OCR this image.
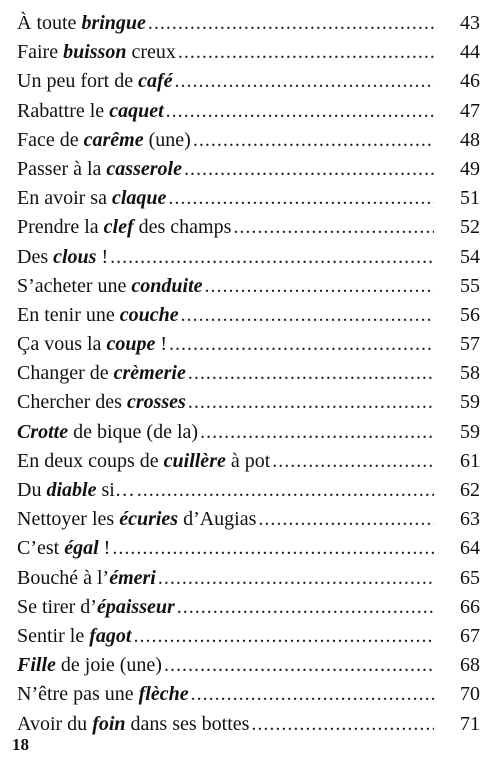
À toute bringue .....	43
Faire buisson creux .....	44
Un peu fort de café .....	46
Rabattre le caquet .....	47
Face de carême (une) .....	48
Passer à la casserole .....	49
En avoir sa claque .....	51
Prendre la clef des champs .....	52
Des clous ! .....	54
S’acheter une conduite .....	55
En tenir une couche .....	56
Ça vous la coupe ! .....	57
Changer de crèmerie .....	58
Chercher des crosses .....	59
Crotte de bique (de la) .....	59
En deux coups de cuillère à pot .....	61
Du diable si… .....	62
Nettoyer les écuries d’Augias .....	63
C’est égal ! .....	64
Bouché à l’émeri .....	65
Se tirer d’épaisseur .....	66
Sentir le fagot .....	67
Fille de joie (une) .....	68
N’être pas une flèche .....	70
Avoir du foin dans ses bottes .....	71
18
